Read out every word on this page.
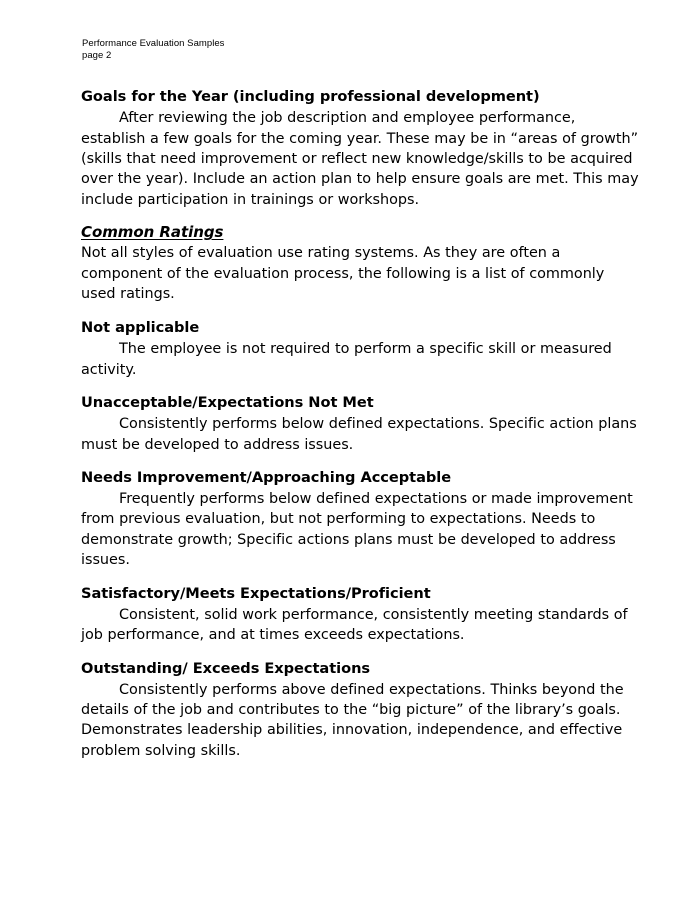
Performance Evaluation Samples
page 2
Goals for the Year (including professional development)

After reviewing the job description and employee performance, establish a few goals for the coming year. These may be in “areas of growth” (skills that need improvement or reflect new knowledge/skills to be acquired over the year). Include an action plan to help ensure goals are met. This may include participation in trainings or workshops.

Common Ratings

Not all styles of evaluation use rating systems. As they are often a component of the evaluation process, the following is a list of commonly used ratings.

Not applicable

The employee is not required to perform a specific skill or measured activity.

Unacceptable/Expectations Not Met

Consistently performs below defined expectations. Specific action plans must be developed to address issues.

Needs Improvement/Approaching Acceptable

Frequently performs below defined expectations or made improvement from previous evaluation, but not performing to expectations. Needs to demonstrate growth; Specific actions plans must be developed to address issues.

Satisfactory/Meets Expectations/Proficient

Consistent, solid work performance, consistently meeting standards of job performance, and at times exceeds expectations.

Outstanding/ Exceeds Expectations

Consistently performs above defined expectations. Thinks beyond the details of the job and contributes to the “big picture” of the library’s goals. Demonstrates leadership abilities, innovation, independence, and effective problem solving skills.
